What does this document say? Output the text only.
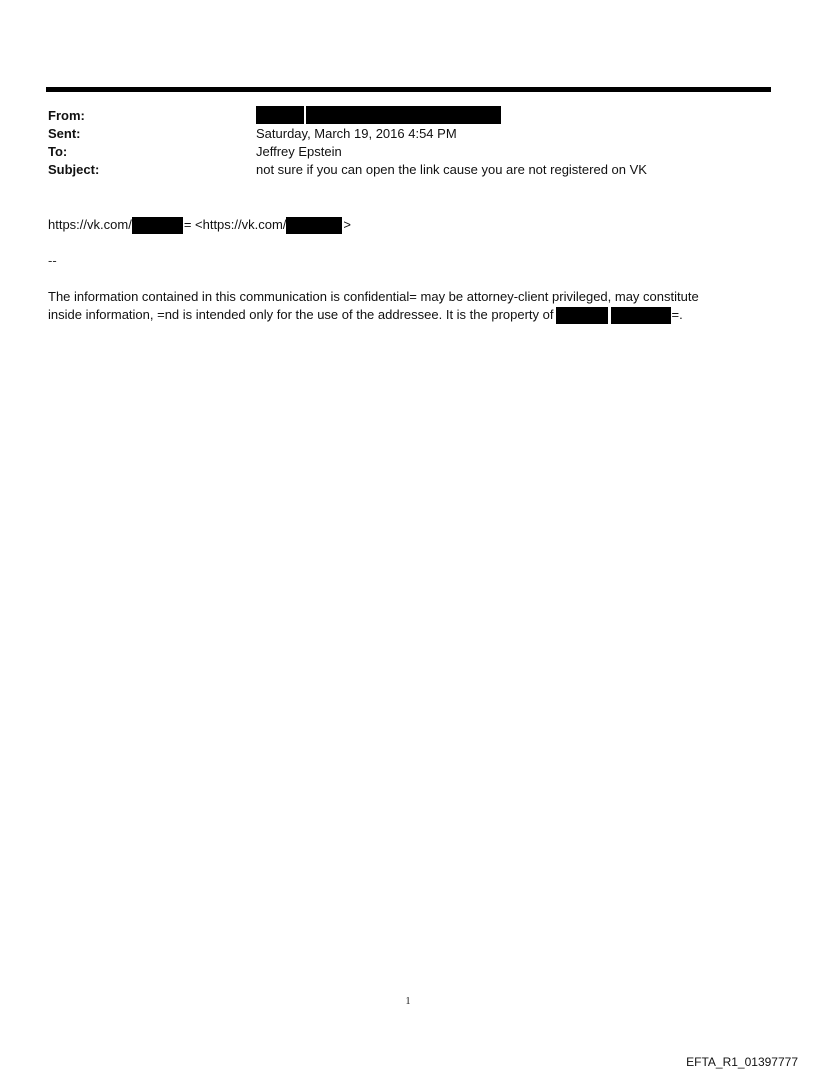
From:
Sent:	Saturday, March 19, 2016 4:54 PM
To:	Jeffrey Epstein
Subject:	not sure if you can open the link cause you are not registered on VK
https://vk.com/	= <https://vk.com/	>
--
The information contained in this communication is confidential= may be attorney-client privileged, may constitute
inside information, =nd is intended only for the use of the addressee. It is the property of	=.
1
EFTA_R1_01397777
